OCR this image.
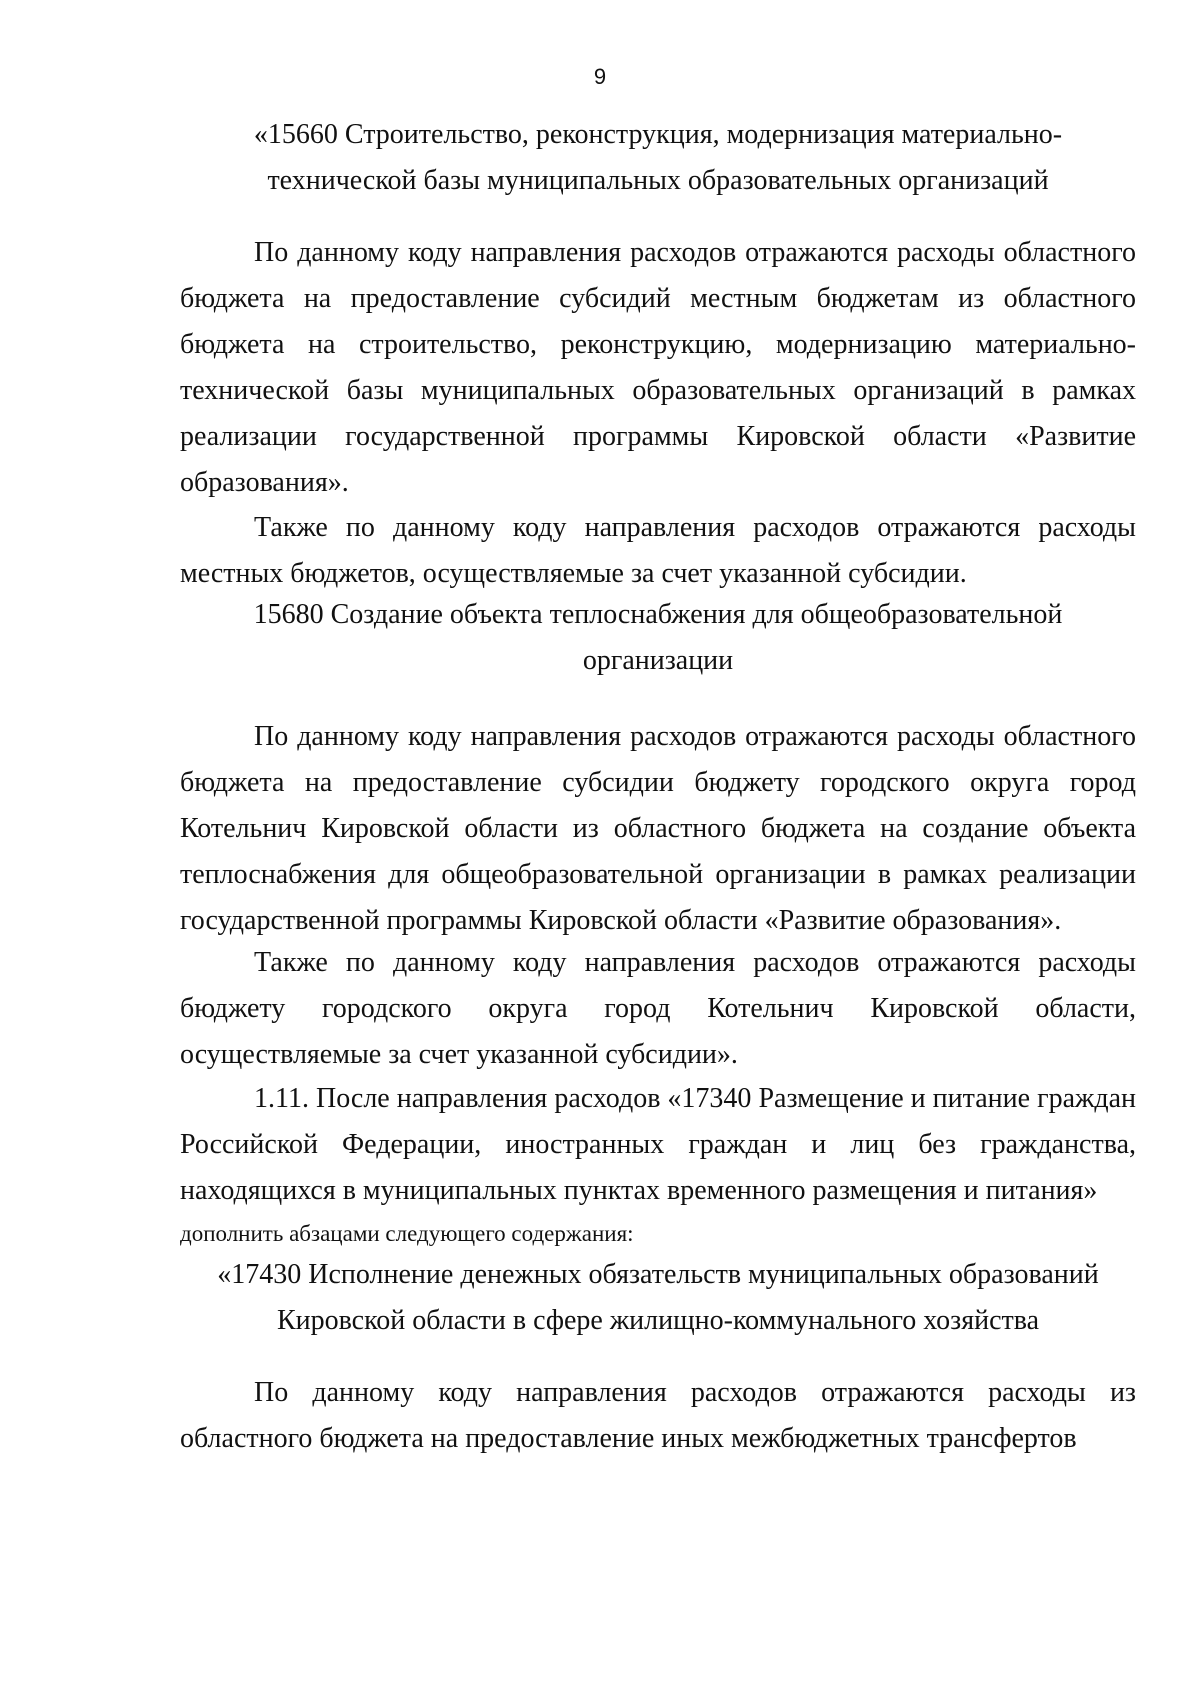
9

«15660 Строительство, реконструкция, модернизация материально-технической базы муниципальных образовательных организаций

По данному коду направления расходов отражаются расходы областного бюджета на предоставление субсидий местным бюджетам из областного бюджета на строительство, реконструкцию, модернизацию материально-технической базы муниципальных образовательных организаций в рамках реализации государственной программы Кировской области «Развитие образования».

Также по данному коду направления расходов отражаются расходы местных бюджетов, осуществляемые за счет указанной субсидии.

15680 Создание объекта теплоснабжения для общеобразовательной организации

По данному коду направления расходов отражаются расходы областного бюджета на предоставление субсидии бюджету городского округа город Котельнич Кировской области из областного бюджета на создание объекта теплоснабжения для общеобразовательной организации в рамках реализации государственной программы Кировской области «Развитие образования».

Также по данному коду направления расходов отражаются расходы бюджету городского округа город Котельнич Кировской области, осуществляемые за счет указанной субсидии».

1.11. После направления расходов «17340 Размещение и питание граждан Российской Федерации, иностранных граждан и лиц без гражданства, находящихся в муниципальных пунктах временного размещения и питания»

дополнить абзацами следующего содержания:

«17430 Исполнение денежных обязательств муниципальных образований Кировской области в сфере жилищно-коммунального хозяйства

По данному коду направления расходов отражаются расходы из областного бюджета на предоставление иных межбюджетных трансфертов
